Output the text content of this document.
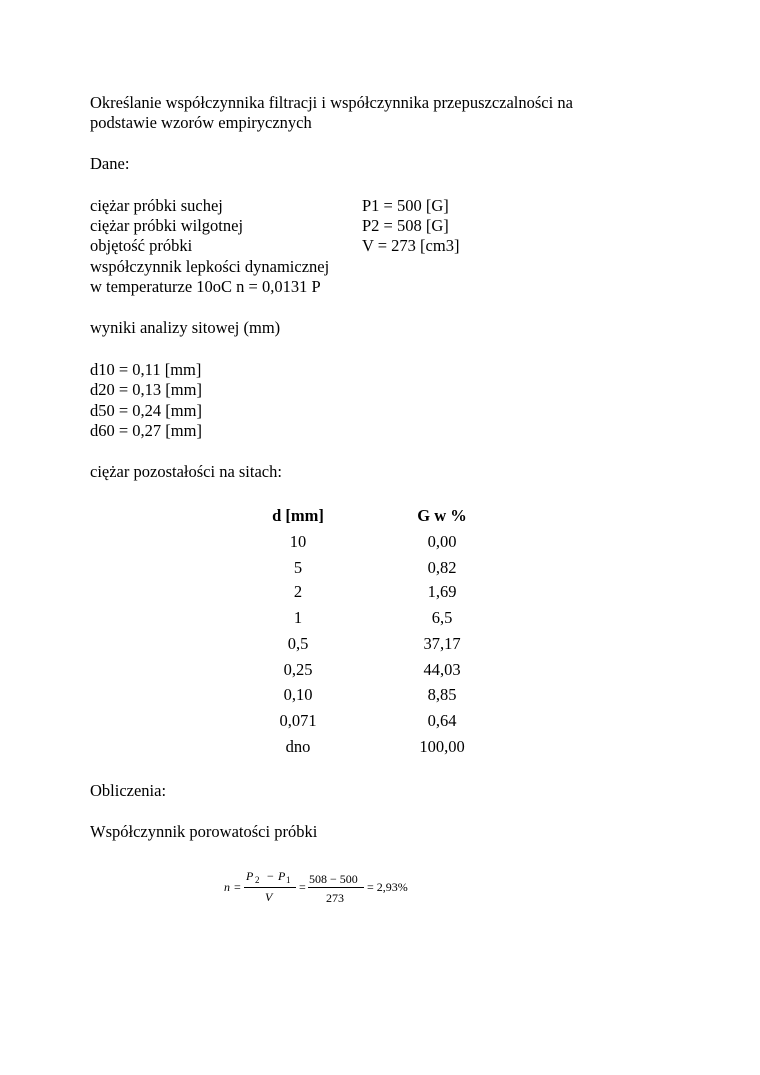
Określanie współczynnika filtracji i współczynnika przepuszczalności na
podstawie wzorów empirycznych
Dane:
ciężar próbki suchej	P1 = 500 [G]
ciężar próbki wilgotnej	P2 = 508 [G]
objętość próbki	V = 273 [cm3]
współczynnik lepkości dynamicznej
w temperaturze 10oC n = 0,0131 P
wyniki analizy sitowej (mm)
d10 = 0,11 [mm]
d20 = 0,13 [mm]
d50 = 0,24 [mm]
d60 = 0,27 [mm]
ciężar pozostałości na sitach:
d [mm]	G w %
10	0,00
5	0,82
2	1,69
1	6,5
0,5	37,17
0,25	44,03
0,10	8,85
0,071	0,64
dno	100,00
Obliczenia:
Współczynnik porowatości próbki
n =
P 2 − P 1
V
=
508 − 500
273
= 2,93%
